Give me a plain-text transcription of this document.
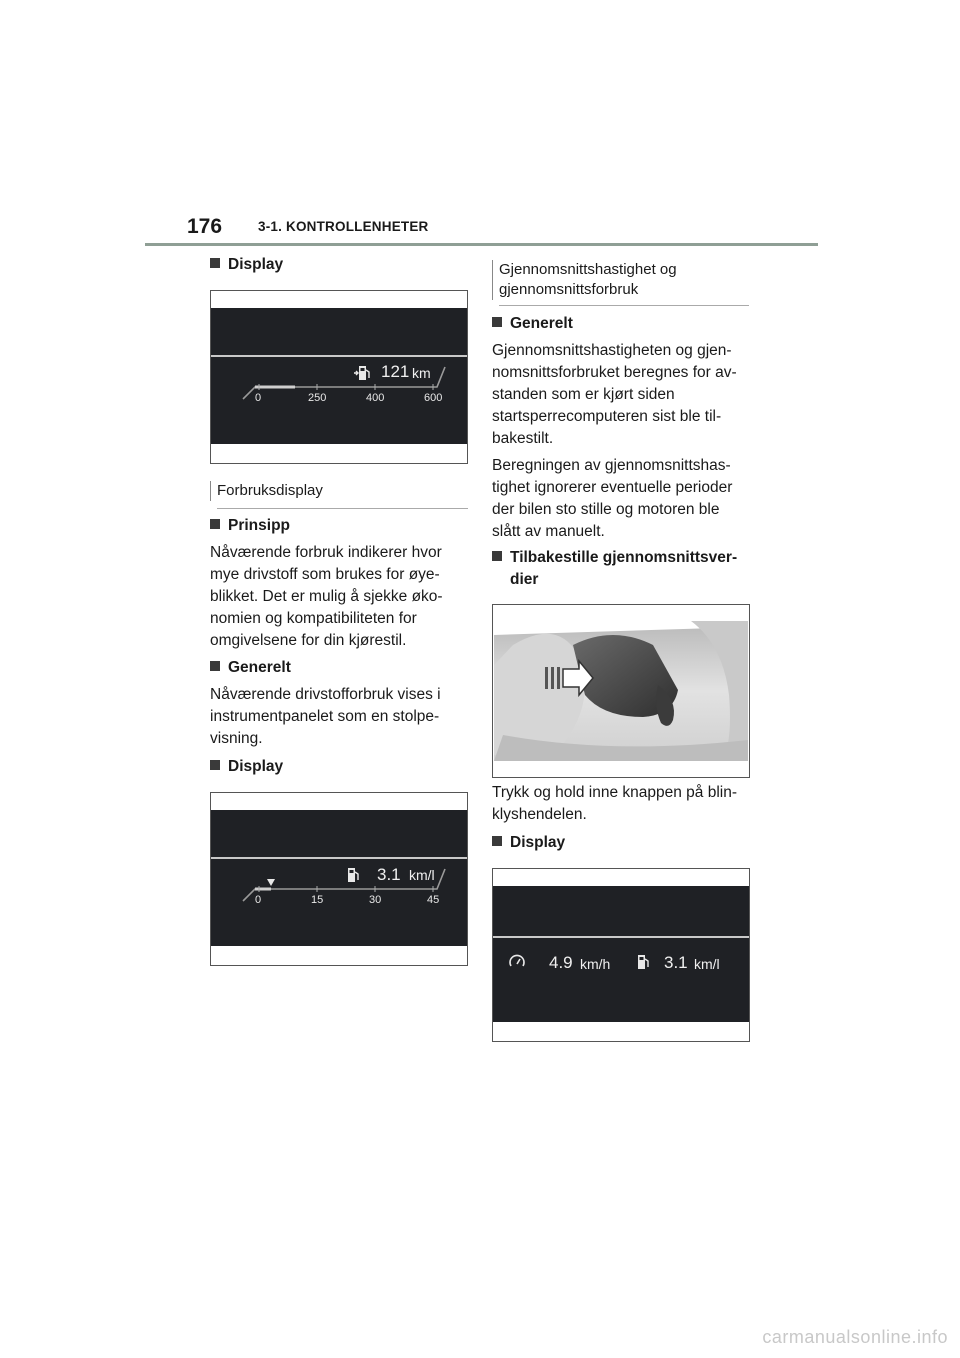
176	3-1. KONTROLLENHETER
Display
121 km
0	250	400	600
Forbruksdisplay
Prinsipp
Nåværende forbruk indikerer hvor
mye drivstoff som brukes for øye-
blikket. Det er mulig å sjekke øko-
nomien og kompatibiliteten for
omgivelsene for din kjørestil.
Generelt
Nåværende drivstofforbruk vises i
instrumentpanelet som en stolpe-
visning.
Display
3.1 km/l
0	15	30	45
Gjennomsnittshastighet og
gjennomsnittsforbruk
Generelt
Gjennomsnittshastigheten og gjen-
nomsnittsforbruket beregnes for av-
standen som er kjørt siden
startsperrecomputeren sist ble til-
bakestilt.
Beregningen av gjennomsnittshas-
tighet ignorerer eventuelle perioder
der bilen sto stille og motoren ble
slått av manuelt.
Tilbakestille gjennomsnittsver-
dier
Trykk og hold inne knappen på blin-
klyshendelen.
Display
4.9 km/h	3.1 km/l
carmanualsonline.info
